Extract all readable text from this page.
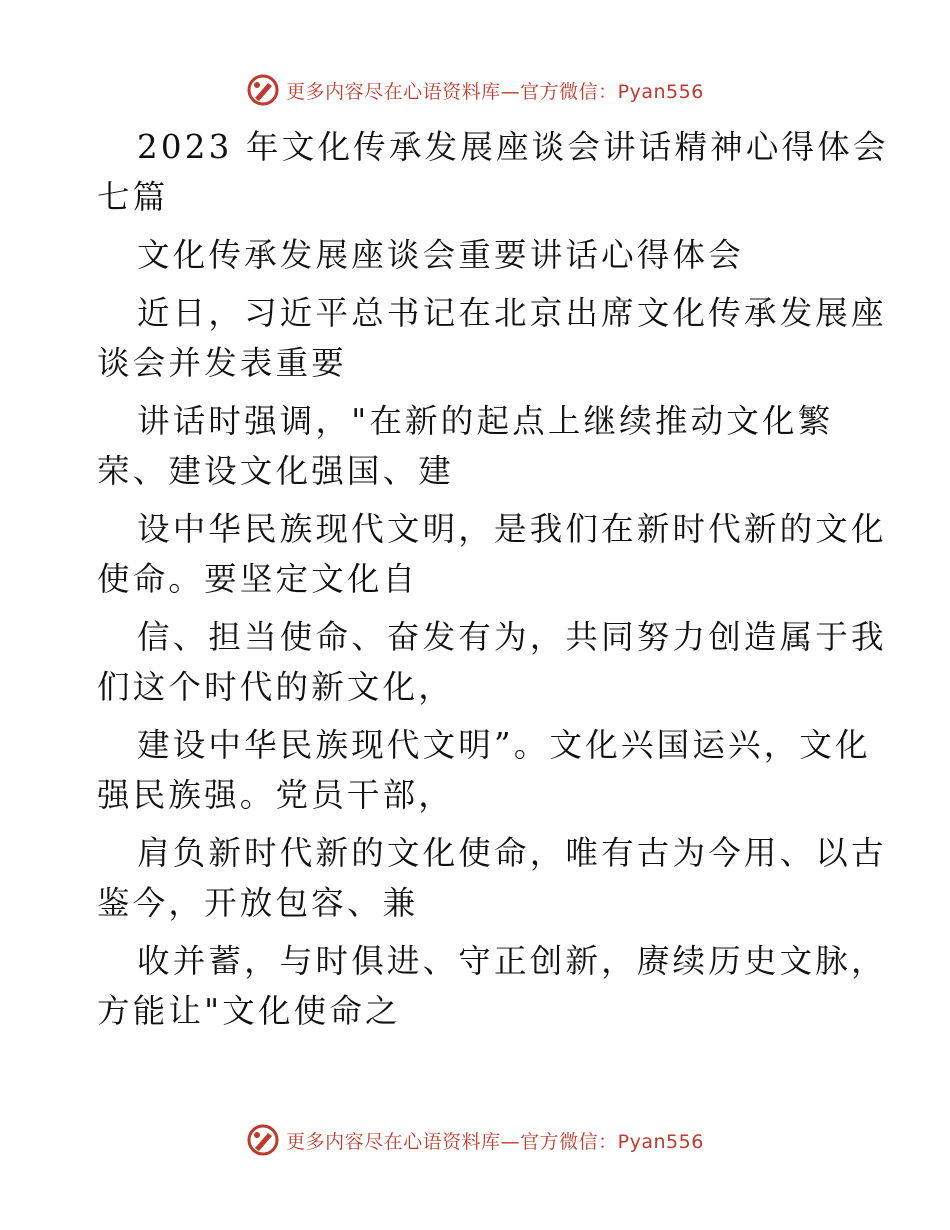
更多内容尽在心语资料库—官方微信：Pyan556
2023 年文化传承发展座谈会讲话精神心得体会
七篇
文化传承发展座谈会重要讲话心得体会
近日，习近平总书记在北京出席文化传承发展座
谈会并发表重要
讲话时强调，"在新的起点上继续推动文化繁
荣、建设文化强国、建
设中华民族现代文明，是我们在新时代新的文化
使命。要坚定文化自
信、担当使命、奋发有为，共同努力创造属于我
们这个时代的新文化，
建设中华民族现代文明”。文化兴国运兴，文化
强民族强。党员干部，
肩负新时代新的文化使命，唯有古为今用、以古
鉴今，开放包容、兼
收并蓄，与时俱进、守正创新，赓续历史文脉，
方能让"文化使命之
更多内容尽在心语资料库—官方微信：Pyan556
